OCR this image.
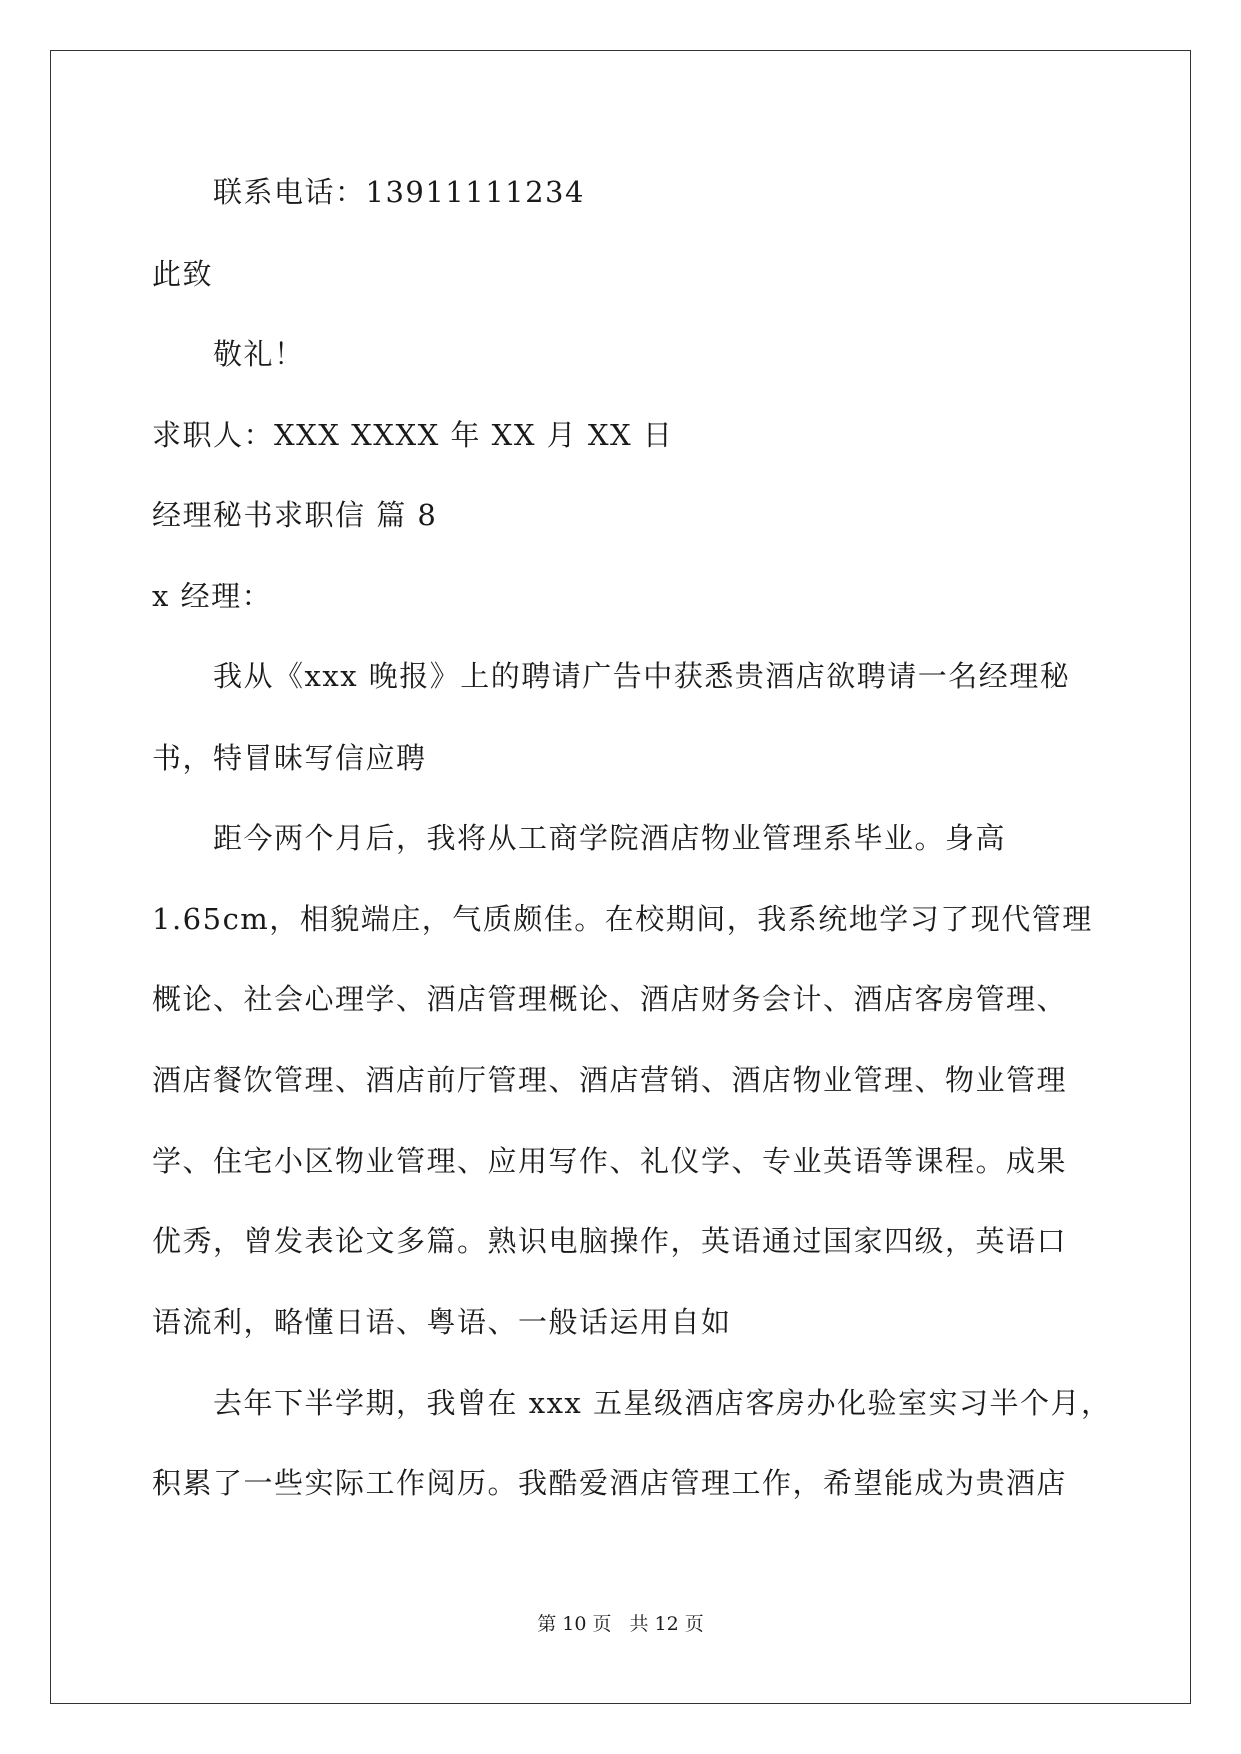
联系电话：13911111234
此致
敬礼！
求职人：XXX XXXX 年 XX 月 XX 日
经理秘书求职信 篇 8
x 经理：
我从《xxx 晚报》上的聘请广告中获悉贵酒店欲聘请一名经理秘
书，特冒昧写信应聘
距今两个月后，我将从工商学院酒店物业管理系毕业。身高
1.65cm，相貌端庄，气质颇佳。在校期间，我系统地学习了现代管理
概论、社会心理学、酒店管理概论、酒店财务会计、酒店客房管理、
酒店餐饮管理、酒店前厅管理、酒店营销、酒店物业管理、物业管理
学、住宅小区物业管理、应用写作、礼仪学、专业英语等课程。成果
优秀，曾发表论文多篇。熟识电脑操作，英语通过国家四级，英语口
语流利，略懂日语、粤语、一般话运用自如
去年下半学期，我曾在 xxx 五星级酒店客房办化验室实习半个月，
积累了一些实际工作阅历。我酷爱酒店管理工作，希望能成为贵酒店
第 10 页 共 12 页
